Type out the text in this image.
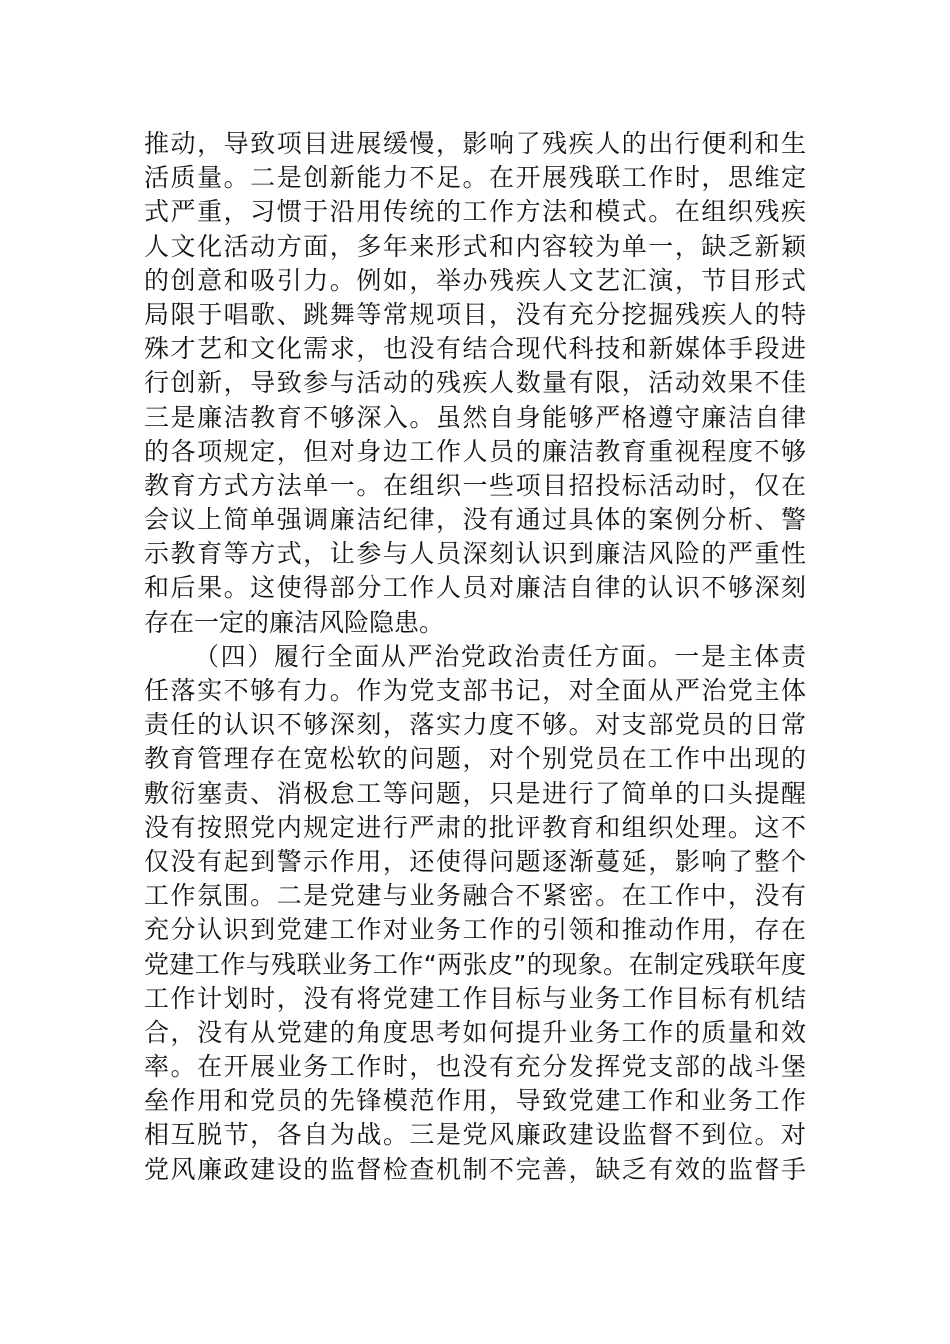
推动，导致项目进展缓慢，影响了残疾人的出行便利和生
活质量。二是创新能力不足。在开展残联工作时，思维定
式严重，习惯于沿用传统的工作方法和模式。在组织残疾
人文化活动方面，多年来形式和内容较为单一，缺乏新颖
的创意和吸引力。例如，举办残疾人文艺汇演，节目形式
局限于唱歌、跳舞等常规项目，没有充分挖掘残疾人的特
殊才艺和文化需求，也没有结合现代科技和新媒体手段进
行创新，导致参与活动的残疾人数量有限，活动效果不佳
三是廉洁教育不够深入。虽然自身能够严格遵守廉洁自律
的各项规定，但对身边工作人员的廉洁教育重视程度不够
教育方式方法单一。在组织一些项目招投标活动时，仅在
会议上简单强调廉洁纪律，没有通过具体的案例分析、警
示教育等方式，让参与人员深刻认识到廉洁风险的严重性
和后果。这使得部分工作人员对廉洁自律的认识不够深刻
存在一定的廉洁风险隐患。
（四）履行全面从严治党政治责任方面。一是主体责
任落实不够有力。作为党支部书记，对全面从严治党主体
责任的认识不够深刻，落实力度不够。对支部党员的日常
教育管理存在宽松软的问题，对个别党员在工作中出现的
敷衍塞责、消极怠工等问题，只是进行了简单的口头提醒
没有按照党内规定进行严肃的批评教育和组织处理。这不
仅没有起到警示作用，还使得问题逐渐蔓延，影响了整个
工作氛围。二是党建与业务融合不紧密。在工作中，没有
充分认识到党建工作对业务工作的引领和推动作用，存在
党建工作与残联业务工作“两张皮”的现象。在制定残联年度
工作计划时，没有将党建工作目标与业务工作目标有机结
合，没有从党建的角度思考如何提升业务工作的质量和效
率。在开展业务工作时，也没有充分发挥党支部的战斗堡
垒作用和党员的先锋模范作用，导致党建工作和业务工作
相互脱节，各自为战。三是党风廉政建设监督不到位。对
党风廉政建设的监督检查机制不完善，缺乏有效的监督手
